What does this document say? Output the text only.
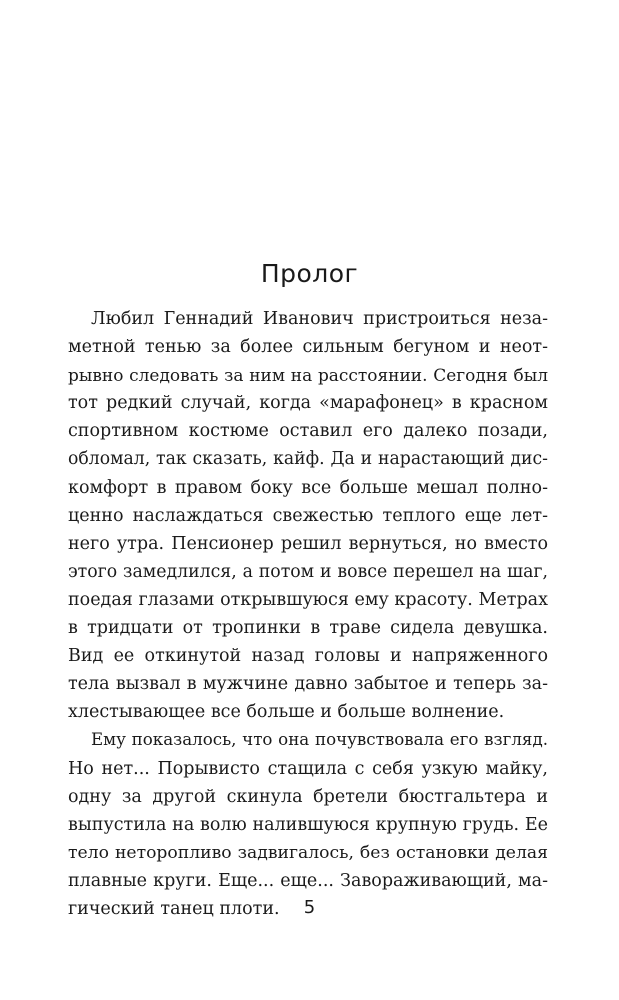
Пролог
Любил Геннадий Иванович пристроиться неза-
метной тенью за более сильным бегуном и неот-
рывно следовать за ним на расстоянии. Сегодня был
тот редкий случай, когда «марафонец» в красном
спортивном костюме оставил его далеко позади,
обломал, так сказать, кайф. Да и нарастающий дис-
комфорт в правом боку все больше мешал полно-
ценно наслаждаться свежестью теплого еще лет-
него утра. Пенсионер решил вернуться, но вместо
этого замедлился, а потом и вовсе перешел на шаг,
поедая глазами открывшуюся ему красоту. Метрах
в тридцати от тропинки в траве сидела девушка.
Вид ее откинутой назад головы и напряженного
тела вызвал в мужчине давно забытое и теперь за-
хлестывающее все больше и больше волнение.
Ему показалось, что она почувствовала его взгляд.
Но нет... Порывисто стащила с себя узкую майку,
одну за другой скинула бретели бюстгальтера и
выпустила на волю налившуюся крупную грудь. Ее
тело неторопливо задвигалось, без остановки делая
плавные круги. Еще... еще... Завораживающий, ма-
гический танец плоти.	5
